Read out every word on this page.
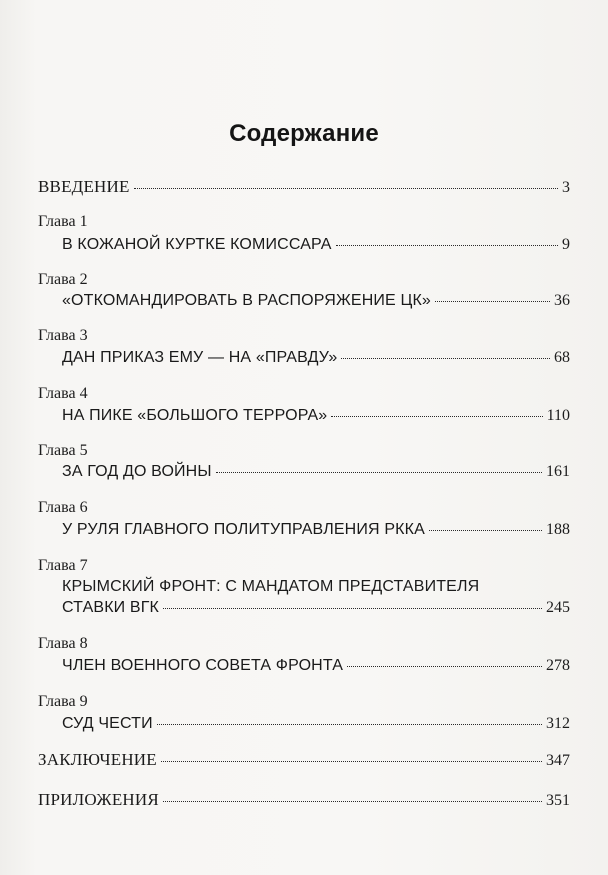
Содержание
ВВЕДЕНИЕ	3
Глава 1
В КОЖАНОЙ КУРТКЕ КОМИССАРА	9
Глава 2
«ОТКОМАНДИРОВАТЬ В РАСПОРЯЖЕНИЕ ЦК»	36
Глава 3
ДАН ПРИКАЗ ЕМУ — НА «ПРАВДУ»	68
Глава 4
НА ПИКЕ «БОЛЬШОГО ТЕРРОРА»	110
Глава 5
ЗА ГОД ДО ВОЙНЫ	161
Глава 6
У РУЛЯ ГЛАВНОГО ПОЛИТУПРАВЛЕНИЯ РККА	188
Глава 7
КРЫМСКИЙ ФРОНТ: С МАНДАТОМ ПРЕДСТАВИТЕЛЯ
СТАВКИ ВГК	245
Глава 8
ЧЛЕН ВОЕННОГО СОВЕТА ФРОНТА	278
Глава 9
СУД ЧЕСТИ	312
ЗАКЛЮЧЕНИЕ	347
ПРИЛОЖЕНИЯ	351
